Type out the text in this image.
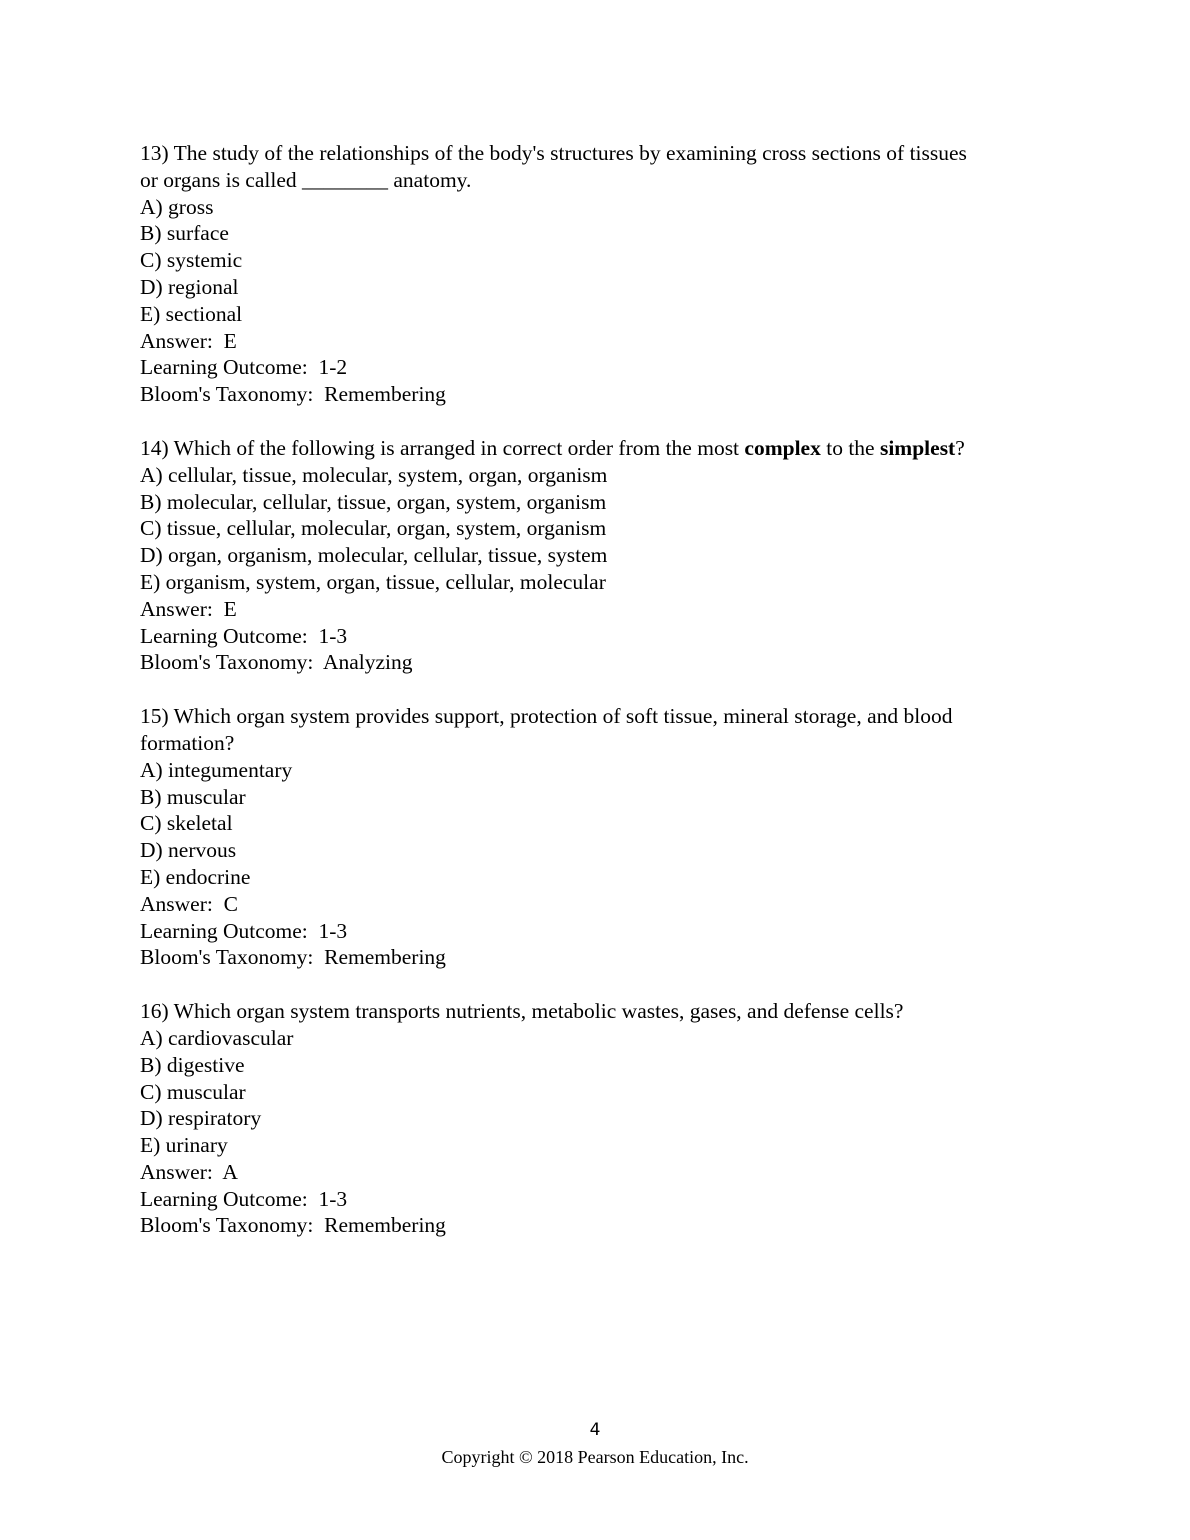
13) The study of the relationships of the body's structures by examining cross sections of tissues
or organs is called ________ anatomy.
A) gross
B) surface
C) systemic
D) regional
E) sectional
Answer:  E
Learning Outcome:  1-2
Bloom's Taxonomy:  Remembering
14) Which of the following is arranged in correct order from the most complex to the simplest?
A) cellular, tissue, molecular, system, organ, organism
B) molecular, cellular, tissue, organ, system, organism
C) tissue, cellular, molecular, organ, system, organism
D) organ, organism, molecular, cellular, tissue, system
E) organism, system, organ, tissue, cellular, molecular
Answer:  E
Learning Outcome:  1-3
Bloom's Taxonomy:  Analyzing
15) Which organ system provides support, protection of soft tissue, mineral storage, and blood
formation?
A) integumentary
B) muscular
C) skeletal
D) nervous
E) endocrine
Answer:  C
Learning Outcome:  1-3
Bloom's Taxonomy:  Remembering
16) Which organ system transports nutrients, metabolic wastes, gases, and defense cells?
A) cardiovascular
B) digestive
C) muscular
D) respiratory
E) urinary
Answer:  A
Learning Outcome:  1-3
Bloom's Taxonomy:  Remembering
4
Copyright © 2018 Pearson Education, Inc.
